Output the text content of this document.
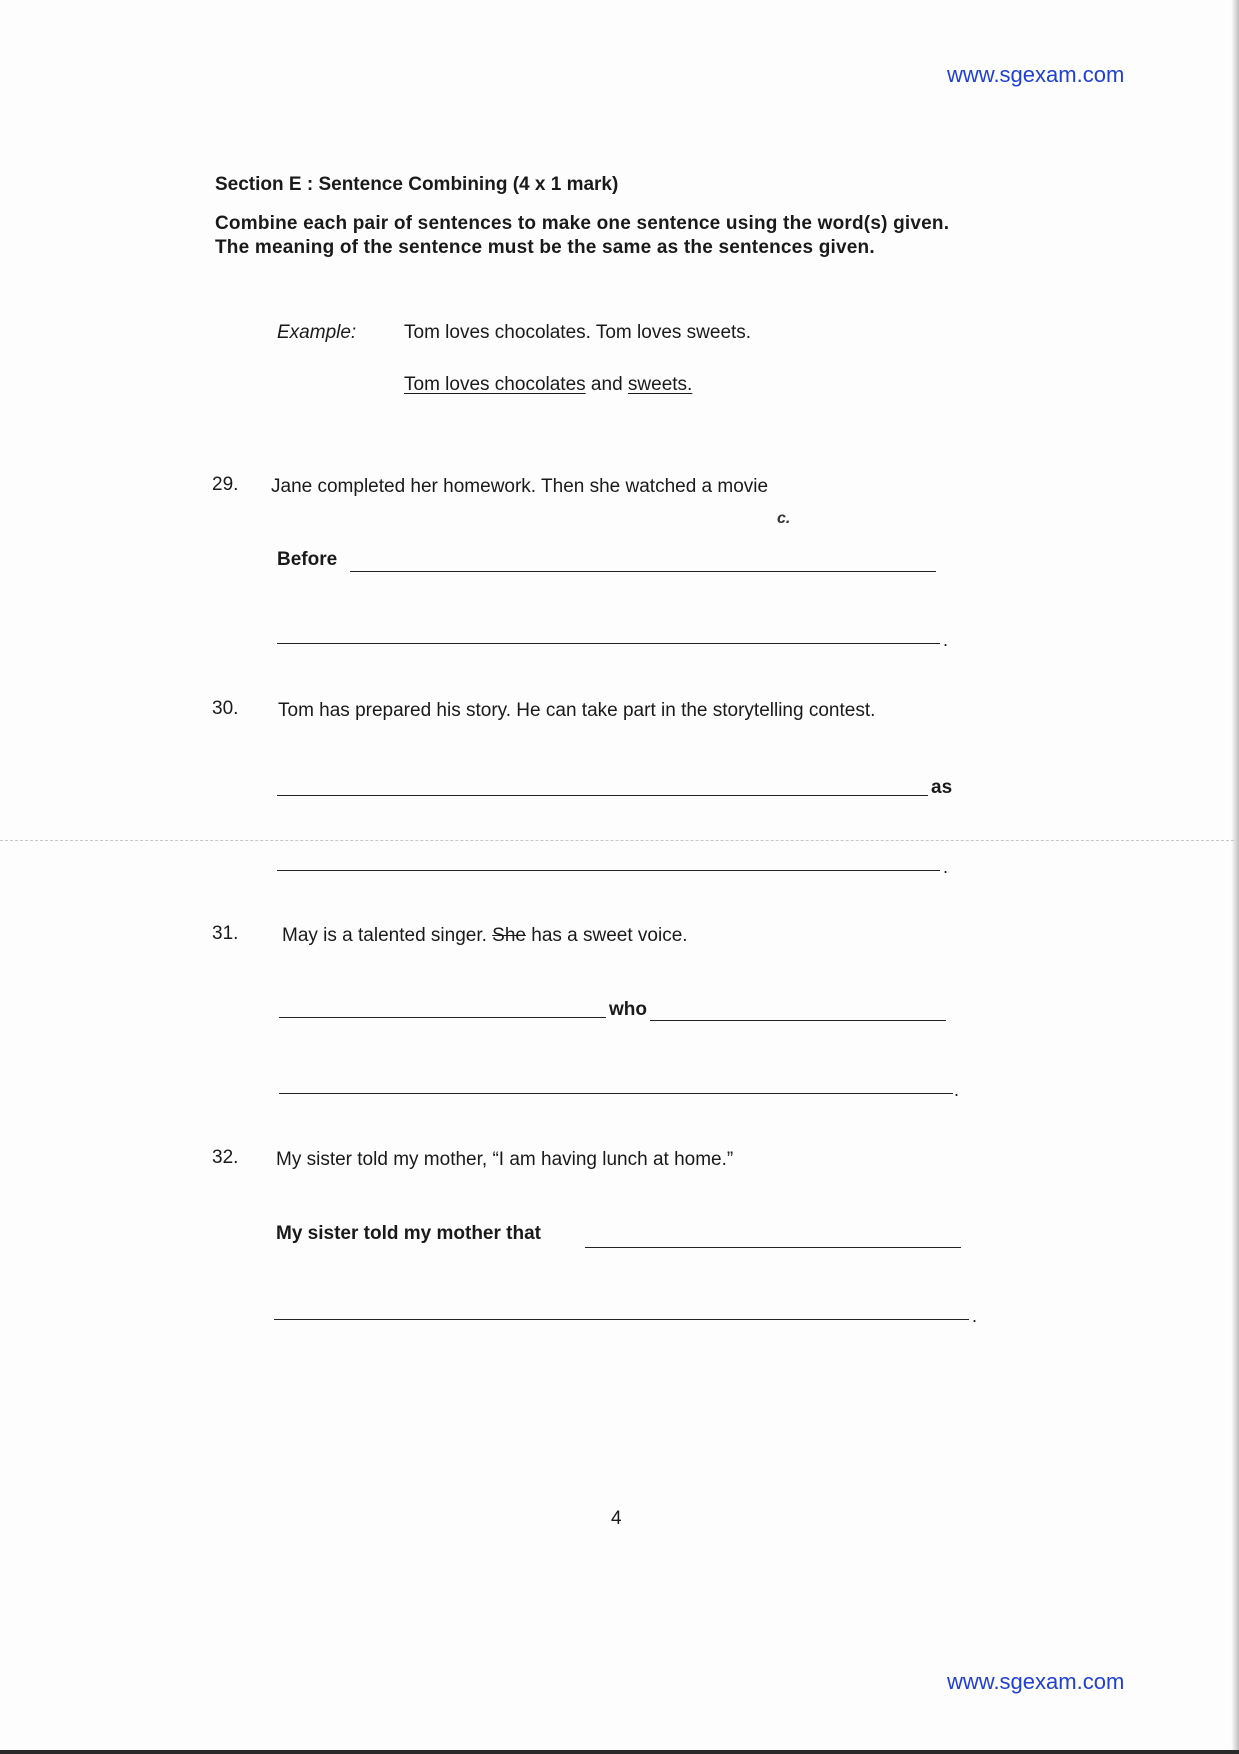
www.sgexam.com
Section E : Sentence Combining (4 x 1 mark)
Combine each pair of sentences to make one sentence using the word(s) given.
The meaning of the sentence must be the same as the sentences given.
Example:	Tom loves chocolates. Tom loves sweets.
Tom loves chocolates and sweets.
29. Jane completed her homework. Then she watched a movie
c.
Before
.
30. Tom has prepared his story. He can take part in the storytelling contest.
as
.
31. May is a talented singer. She has a sweet voice.
who
.
32. My sister told my mother, “I am having lunch at home.”
My sister told my mother that
.
4
www.sgexam.com
